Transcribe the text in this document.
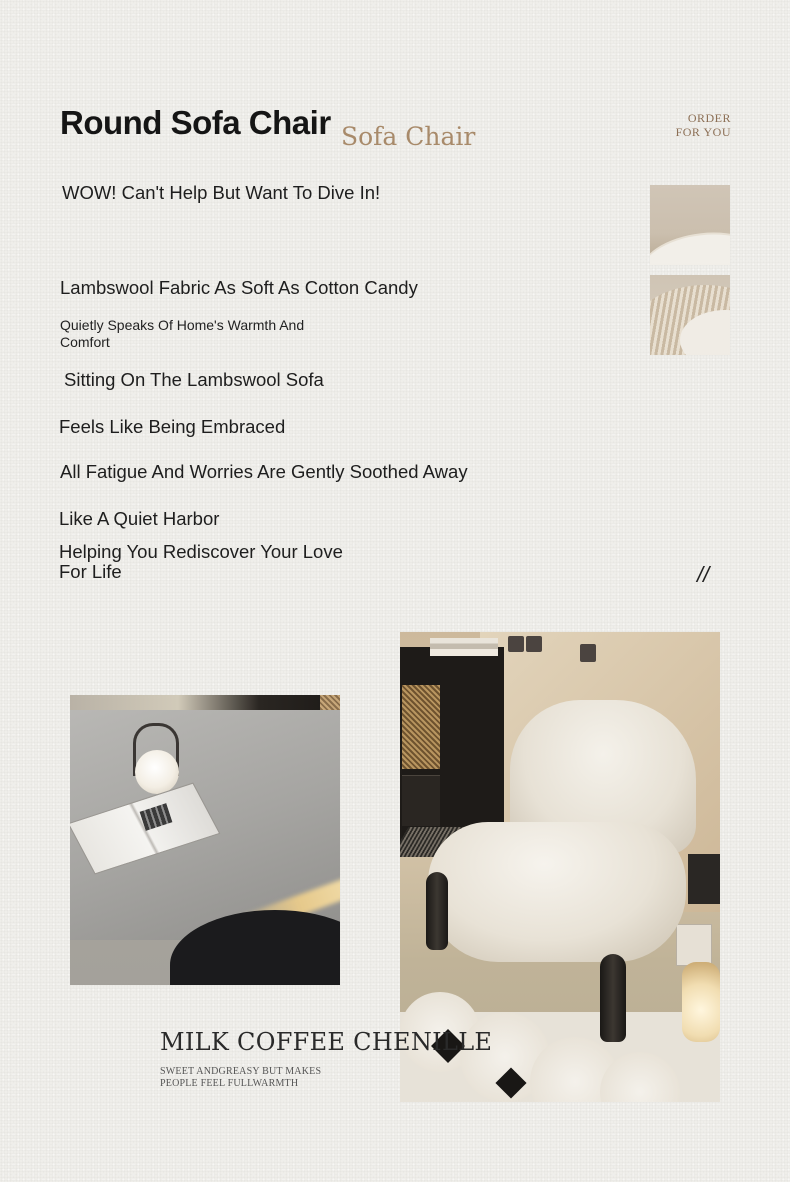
Round Sofa Chair Sofa Chair
ORDER
FOR YOU
WOW! Can't Help But Want To Dive In!
Lambswool Fabric As Soft As Cotton Candy
Quietly Speaks Of Home's Warmth And Comfort
Sitting On The Lambswool Sofa
Feels Like Being Embraced
All Fatigue And Worries Are Gently Soothed Away
Like A Quiet Harbor
Helping You Rediscover Your Love For Life	//
MILK COFFEE CHENILLE
SWEET ANDGREASY BUT MAKES PEOPLE FEEL FULLWARMTH
